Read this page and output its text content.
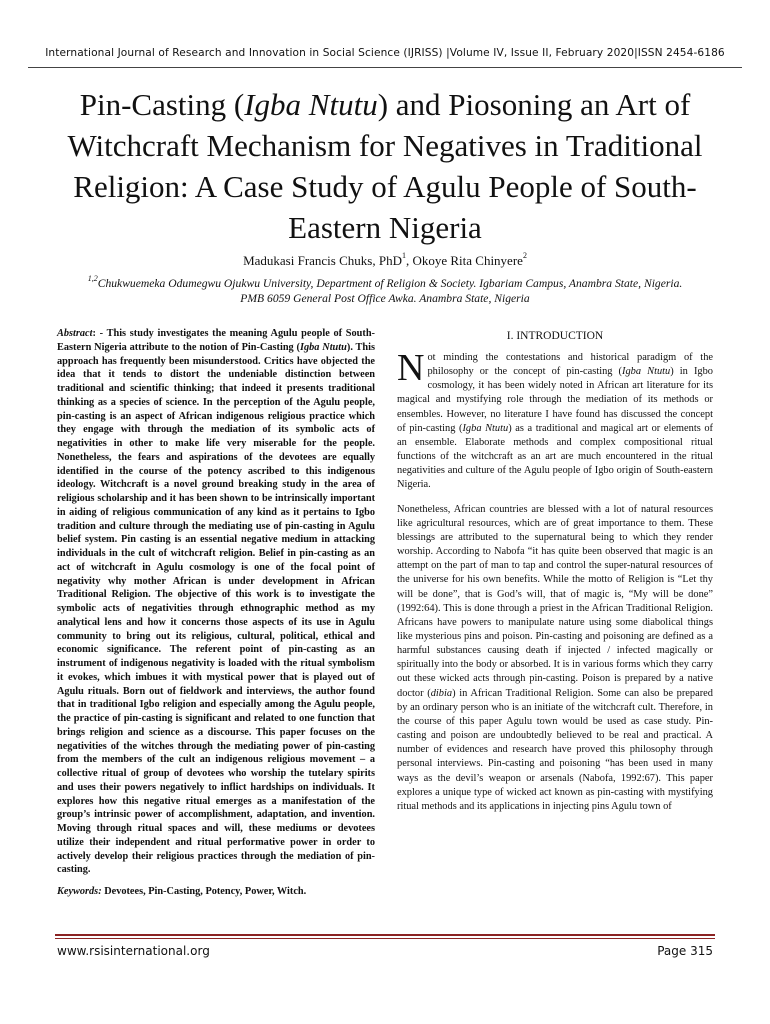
International Journal of Research and Innovation in Social Science (IJRISS) |Volume IV, Issue II, February 2020|ISSN 2454-6186
Pin-Casting (Igba Ntutu) and Piosoning an Art of Witchcraft Mechanism for Negatives in Traditional Religion: A Case Study of Agulu People of South-Eastern Nigeria
Madukasi Francis Chuks, PhD$^1$, Okoye Rita Chinyere$^2$
$^{1,2}$Chukwuemeka Odumegwu Ojukwu University, Department of Religion & Society. Igbariam Campus, Anambra State, Nigeria.
PMB 6059 General Post Office Awka. Anambra State, Nigeria

Abstract: - This study investigates the meaning Agulu people of South-Eastern Nigeria attribute to the notion of Pin-Casting (Igba Ntutu). This approach has frequently been misunderstood. Critics have objected the idea that it tends to distort the undeniable distinction between traditional and scientific thinking; that indeed it presents traditional thinking as a species of science. In the perception of the Agulu people, pin-casting is an aspect of African indigenous religious practice which they engage with through the mediation of its symbolic acts of negativities in other to make life very miserable for the people. Nonetheless, the fears and aspirations of the devotees are equally identified in the course of the potency ascribed to this indigenous ideology. Witchcraft is a novel ground breaking study in the area of religious scholarship and it has been shown to be intrinsically important in aiding of religious communication of any kind as it pertains to Igbo tradition and culture through the mediating use of pin-casting in Agulu belief system. Pin casting is an essential negative medium in attacking individuals in the cult of witchcraft religion. Belief in pin-casting as an act of witchcraft in Agulu cosmology is one of the focal point of negativity why mother African is under development in African Traditional Religion. The objective of this work is to investigate the symbolic acts of negativities through ethnographic method as my analytical lens and how it concerns those aspects of its use in Agulu community to bring out its religious, cultural, political, ethical and economic significance. The referent point of pin-casting as an instrument of indigenous negativity is loaded with the ritual symbolism it evokes, which imbues it with mystical power that is played out of Agulu rituals. Born out of fieldwork and interviews, the author found that in traditional Igbo religion and especially among the Agulu people, the practice of pin-casting is significant and related to one function that brings religion and science as a discourse. This paper focuses on the negativities of the witches through the mediating power of pin-casting from the members of the cult an indigenous religious movement – a collective ritual of group of devotees who worship the tutelary spirits and uses their powers negatively to inflict hardships on individuals. It explores how this negative ritual emerges as a manifestation of the group’s intrinsic power of accomplishment, adaptation, and invention. Moving through ritual spaces and will, these mediums or devotees utilize their independent and ritual performative power in order to actively develop their religious practices through the mediation of pin-casting.

Keywords: Devotees, Pin-Casting, Potency, Power, Witch.

I. INTRODUCTION

Not minding the contestations and historical paradigm of the philosophy or the concept of pin-casting (Igba Ntutu) in Igbo cosmology, it has been widely noted in African art literature for its magical and mystifying role through the mediation of its methods or ensembles. However, no literature I have found has discussed the concept of pin-casting (Igba Ntutu) as a traditional and magical art or elements of an ensemble. Elaborate methods and complex compositional ritual functions of the witchcraft as an art are much encountered in the ritual negativities and culture of the Agulu people of Igbo origin of South-eastern Nigeria.

Nonetheless, African countries are blessed with a lot of natural resources like agricultural resources, which are of great importance to them. These blessings are attributed to the supernatural being to which they render worship. According to Nabofa “it has quite been observed that magic is an attempt on the part of man to tap and control the super-natural resources of the universe for his own benefits. While the motto of Religion is “Let thy will be done”, that is God’s will, that of magic is, “My will be done” (1992:64). This is done through a priest in the African Traditional Religion. Africans have powers to manipulate nature using some diabolical things like mysterious pins and poison. Pin-casting and poisoning are defined as a harmful substances causing death if injected / infected magically or spiritually into the body or absorbed. It is in various forms which they carry out these wicked acts through pin-casting. Poison is prepared by a native doctor (dibia) in African Traditional Religion. Some can also be prepared by an ordinary person who is an initiate of the witchcraft cult. Therefore, in the course of this paper Agulu town would be used as case study. Pin-casting and poison are undoubtedly believed to be real and practical. A number of evidences and research have proved this philosophy through personal interviews. Pin-casting and poisoning “has been used in many ways as the devil’s weapon or arsenals (Nabofa, 1992:67). This paper explores a unique type of wicked act known as pin-casting with mystifying ritual methods and its applications in injecting pins Agulu town of

www.rsisinternational.org	Page 315
